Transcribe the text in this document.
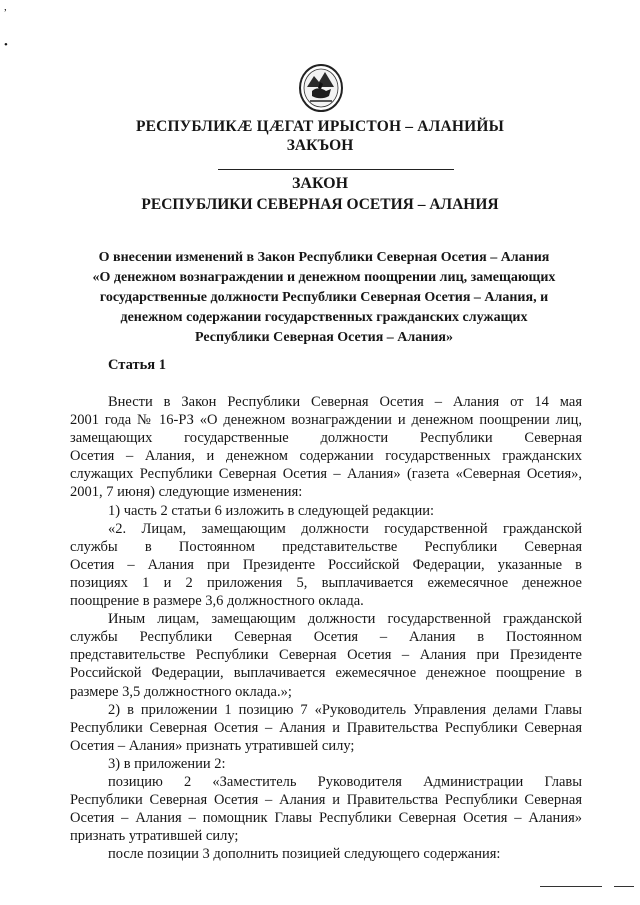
,
•
РЕСПУБЛИКӔ ЦӔГАТ ИРЫСТОН – АЛАНИЙЫ
ЗАКЪОН
ЗАКОН
РЕСПУБЛИКИ СЕВЕРНАЯ ОСЕТИЯ – АЛАНИЯ
О внесении изменений в Закон Республики Северная Осетия – Алания
«О денежном вознаграждении и денежном поощрении лиц, замещающих
государственные должности Республики Северная Осетия – Алания, и
денежном содержании государственных гражданских служащих
Республики Северная Осетия – Алания»
Статья 1
Внести в Закон Республики Северная Осетия – Алания от 14 мая
2001 года № 16-РЗ «О денежном вознаграждении и денежном поощрении лиц,
замещающих государственные должности Республики Северная
Осетия – Алания, и денежном содержании государственных гражданских
служащих Республики Северная Осетия – Алания» (газета «Северная Осетия»,
2001, 7 июня) следующие изменения:
1) часть 2 статьи 6 изложить в следующей редакции:
«2. Лицам, замещающим должности государственной гражданской
службы в Постоянном представительстве Республики Северная
Осетия – Алания при Президенте Российской Федерации, указанные в
позициях 1 и 2 приложения 5, выплачивается ежемесячное денежное
поощрение в размере 3,6 должностного оклада.
Иным лицам, замещающим должности государственной гражданской
службы Республики Северная Осетия – Алания в Постоянном
представительстве Республики Северная Осетия – Алания при Президенте
Российской Федерации, выплачивается ежемесячное денежное поощрение в
размере 3,5 должностного оклада.»;
2) в приложении 1 позицию 7 «Руководитель Управления делами Главы
Республики Северная Осетия – Алания и Правительства Республики Северная
Осетия – Алания» признать утратившей силу;
3) в приложении 2:
позицию 2 «Заместитель Руководителя Администрации Главы
Республики Северная Осетия – Алания и Правительства Республики Северная
Осетия – Алания – помощник Главы Республики Северная Осетия – Алания»
признать утратившей силу;
после позиции 3 дополнить позицией следующего содержания:
